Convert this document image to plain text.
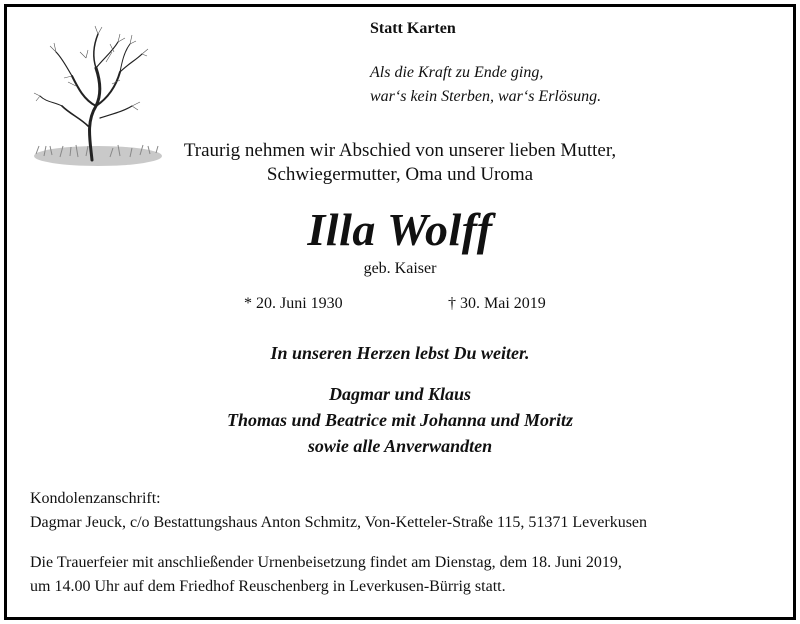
Statt Karten
Als die Kraft zu Ende ging,
war‘s kein Sterben, war‘s Erlösung.
Traurig nehmen wir Abschied von unserer lieben Mutter,
Schwiegermutter, Oma und Uroma
Illa Wolff
geb. Kaiser
* 20. Juni 1930	† 30. Mai 2019
In unseren Herzen lebst Du weiter.
Dagmar und Klaus
Thomas und Beatrice mit Johanna und Moritz
sowie alle Anverwandten
Kondolenzanschrift:
Dagmar Jeuck, c/o Bestattungshaus Anton Schmitz, Von-Ketteler-Straße 115, 51371 Leverkusen
Die Trauerfeier mit anschließender Urnenbeisetzung findet am Dienstag, dem 18. Juni 2019,
um 14.00 Uhr auf dem Friedhof Reuschenberg in Leverkusen-Bürrig statt.
